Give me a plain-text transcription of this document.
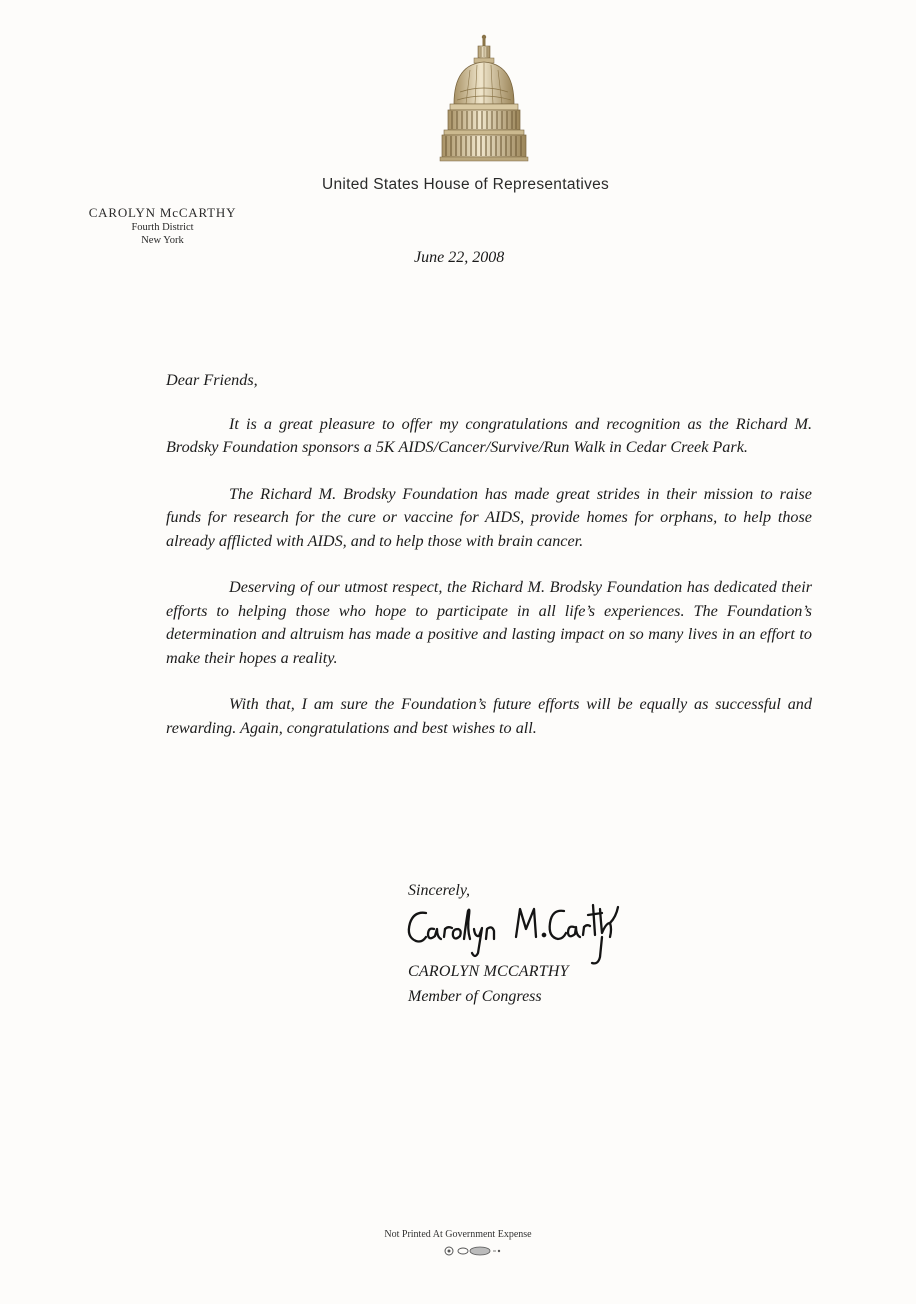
United States House of Representatives
CAROLYN McCARTHY
Fourth District
New York
June 22, 2008

Dear Friends,

It is a great pleasure to offer my congratulations and recognition as the Richard M. Brodsky Foundation sponsors a 5K AIDS/Cancer/Survive/Run Walk in Cedar Creek Park.

The Richard M. Brodsky Foundation has made great strides in their mission to raise funds for research for the cure or vaccine for AIDS, provide homes for orphans, to help those already afflicted with AIDS, and to help those with brain cancer.

Deserving of our utmost respect, the Richard M. Brodsky Foundation has dedicated their efforts to helping those who hope to participate in all life’s experiences. The Foundation’s determination and altruism has made a positive and lasting impact on so many lives in an effort to make their hopes a reality.

With that, I am sure the Foundation’s future efforts will be equally as successful and rewarding. Again, congratulations and best wishes to all.

Sincerely,
CAROLYN MCCARTHY
Member of Congress
Not Printed At Government Expense
